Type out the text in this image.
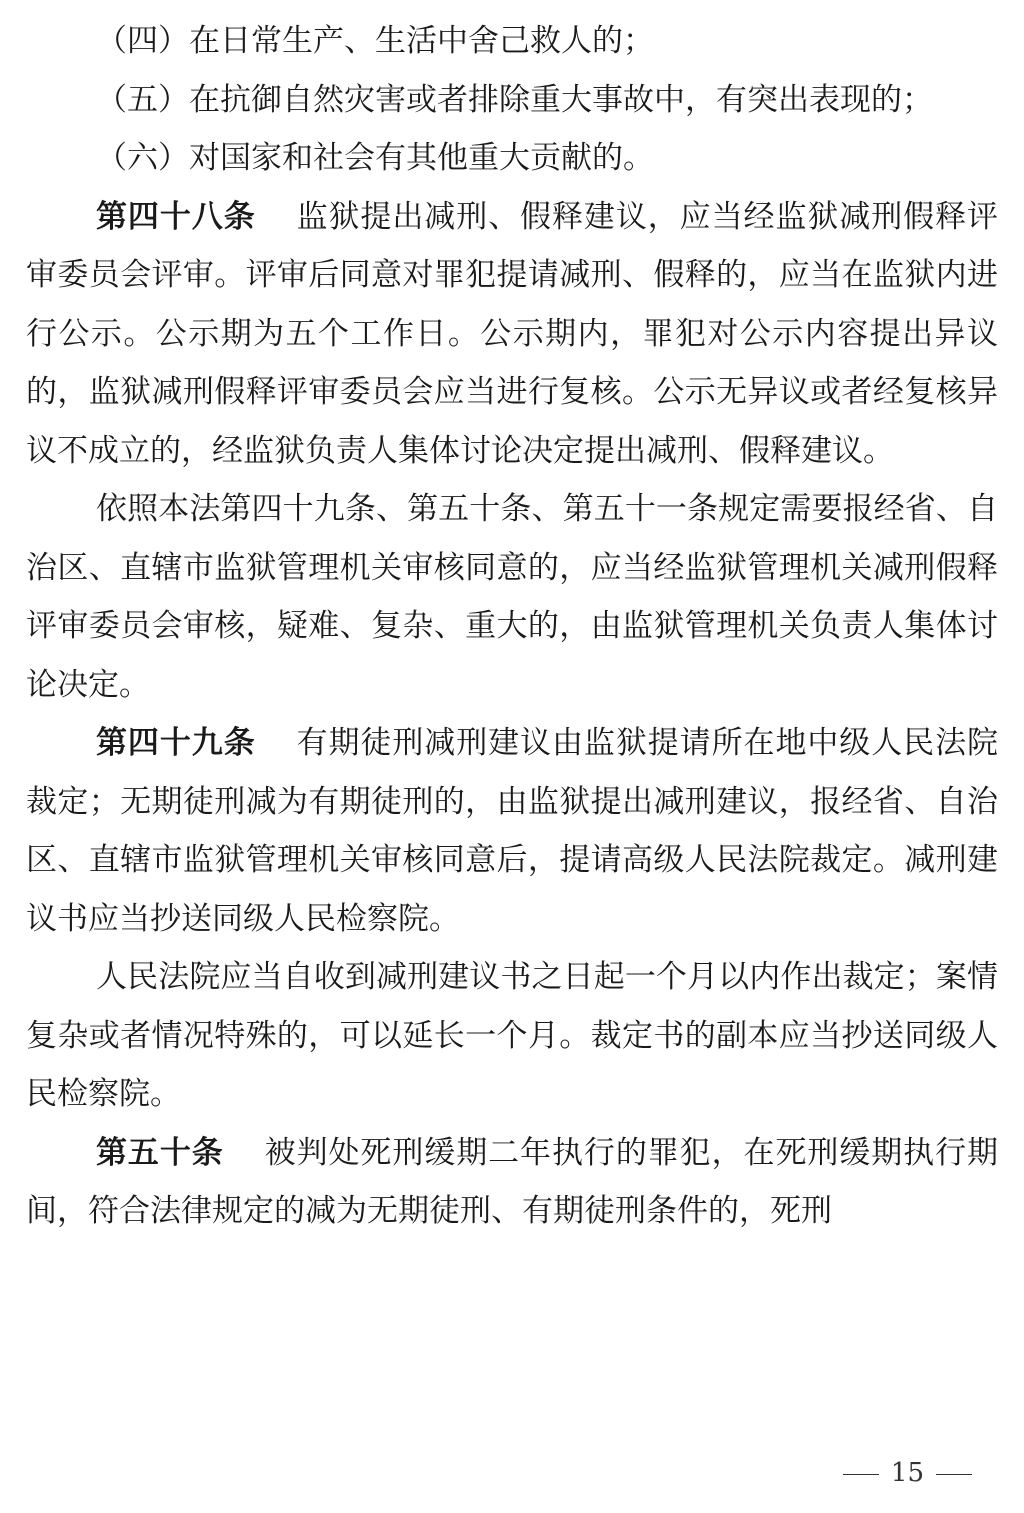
（四）在日常生产、生活中舍己救人的；

（五）在抗御自然灾害或者排除重大事故中，有突出表现的；

（六）对国家和社会有其他重大贡献的。

第四十八条 监狱提出减刑、假释建议，应当经监狱减刑假释评审委员会评审。评审后同意对罪犯提请减刑、假释的，应当在监狱内进行公示。公示期为五个工作日。公示期内，罪犯对公示内容提出异议的，监狱减刑假释评审委员会应当进行复核。公示无异议或者经复核异议不成立的，经监狱负责人集体讨论决定提出减刑、假释建议。

依照本法第四十九条、第五十条、第五十一条规定需要报经省、自治区、直辖市监狱管理机关审核同意的，应当经监狱管理机关减刑假释评审委员会审核，疑难、复杂、重大的，由监狱管理机关负责人集体讨论决定。

第四十九条 有期徒刑减刑建议由监狱提请所在地中级人民法院裁定；无期徒刑减为有期徒刑的，由监狱提出减刑建议，报经省、自治区、直辖市监狱管理机关审核同意后，提请高级人民法院裁定。减刑建议书应当抄送同级人民检察院。

人民法院应当自收到减刑建议书之日起一个月以内作出裁定；案情复杂或者情况特殊的，可以延长一个月。裁定书的副本应当抄送同级人民检察院。

第五十条 被判处死刑缓期二年执行的罪犯，在死刑缓期执行期间，符合法律规定的减为无期徒刑、有期徒刑条件的，死刑

15
